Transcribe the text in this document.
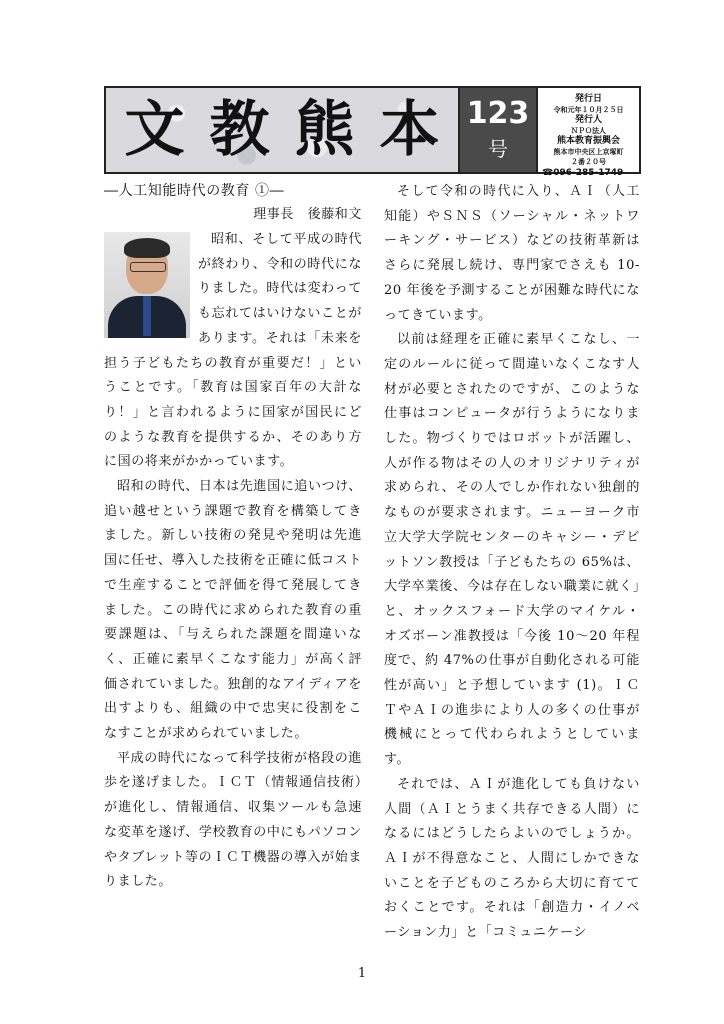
文 教 熊 本 123
号
発行日
令和元年１０月２５日
発行人
ＮＰＯ法人
熊本教育振興会
熊本市中央区上京塚町
２番２０号
☎096-285-1749
―人工知能時代の教育 ①―
理事長　後藤和文

昭和、そして平成の時代が終わり、令和の時代になりました。時代は変わっても忘れてはいけないことがあります。それは「未来を担う子どもたちの教育が重要だ！」ということです。「教育は国家百年の大計なり！」と言われるように国家が国民にどのような教育を提供するか、そのあり方に国の将来がかかっています。

昭和の時代、日本は先進国に追いつけ、追い越せという課題で教育を構築してきました。新しい技術の発見や発明は先進国に任せ、導入した技術を正確に低コストで生産することで評価を得て発展してきました。この時代に求められた教育の重要課題は、「与えられた課題を間違いなく、正確に素早くこなす能力」が高く評価されていました。独創的なアイディアを出すよりも、組織の中で忠実に役割をこなすことが求められていました。

平成の時代になって科学技術が格段の進歩を遂げました。ＩＣＴ（情報通信技術）が進化し、情報通信、収集ツールも急速な変革を遂げ、学校教育の中にもパソコンやタブレット等のＩＣＴ機器の導入が始まりました。

そして令和の時代に入り、ＡＩ（人工知能）やＳＮＳ（ソーシャル・ネットワーキング・サービス）などの技術革新はさらに発展し続け、専門家でさえも 10-20 年後を予測することが困難な時代になってきています。

以前は経理を正確に素早くこなし、一定のルールに従って間違いなくこなす人材が必要とされたのですが、このような仕事はコンピュータが行うようになりました。物づくりではロボットが活躍し、人が作る物はその人のオリジナリティが求められ、その人でしか作れない独創的なものが要求されます。ニューヨーク市立大学大学院センターのキャシー・デビットソン教授は「子どもたちの 65%は、大学卒業後、今は存在しない職業に就く」と、オックスフォード大学のマイケル・オズボーン准教授は「今後 10～20 年程度で、約 47%の仕事が自動化される可能性が高い」と予想しています (1)。ＩＣＴやＡＩの進歩により人の多くの仕事が機械にとって代わられようとしています。

それでは、ＡＩが進化しても負けない人間（ＡＩとうまく共存できる人間）になるにはどうしたらよいのでしょうか。ＡＩが不得意なこと、人間にしかできないことを子どものころから大切に育てておくことです。それは「創造力・イノベーション力」と「コミュニケーシ

1
